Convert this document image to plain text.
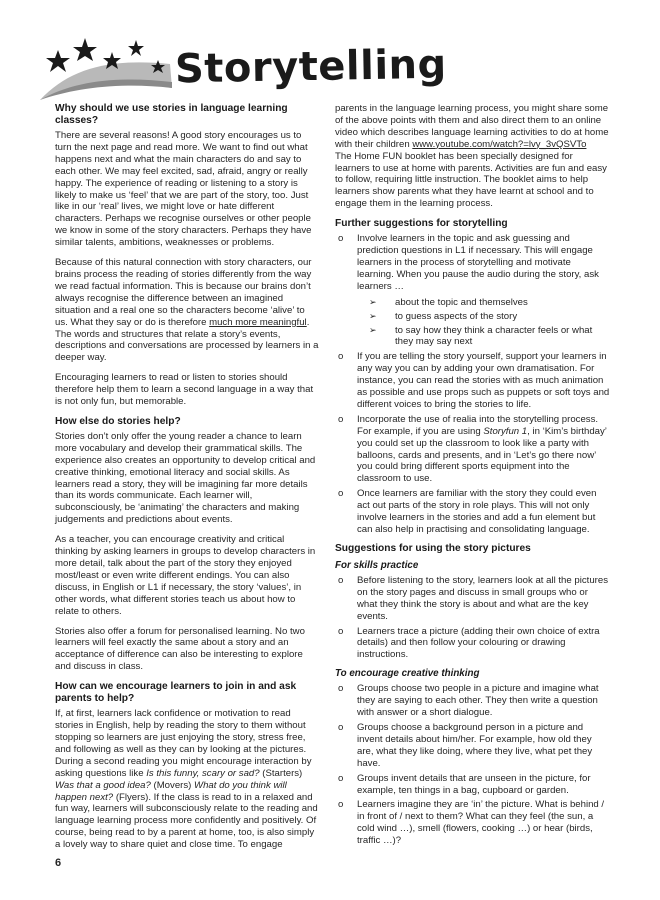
Storytelling
Why should we use stories in language learning classes?

There are several reasons! A good story encourages us to turn the next page and read more. We want to find out what happens next and what the main characters do and say to each other. We may feel excited, sad, afraid, angry or really happy. The experience of reading or listening to a story is likely to make us ‘feel’ that we are part of the story, too. Just like in our ‘real’ lives, we might love or hate different characters. Perhaps we recognise ourselves or other people we know in some of the story characters. Perhaps they have similar talents, ambitions, weaknesses or problems.

Because of this natural connection with story characters, our brains process the reading of stories differently from the way we read factual information. This is because our brains don’t always recognise the difference between an imagined situation and a real one so the characters become ‘alive’ to us. What they say or do is therefore much more meaningful. The words and structures that relate a story’s events, descriptions and conversations are processed by learners in a deeper way.

Encouraging learners to read or listen to stories should therefore help them to learn a second language in a way that is not only fun, but memorable.

How else do stories help?

Stories don’t only offer the young reader a chance to learn more vocabulary and develop their grammatical skills. The experience also creates an opportunity to develop critical and creative thinking, emotional literacy and social skills. As learners read a story, they will be imagining far more details than its words communicate. Each learner will, subconsciously, be ‘animating’ the characters and making judgements and predictions about events.

As a teacher, you can encourage creativity and critical thinking by asking learners in groups to develop characters in more detail, talk about the part of the story they enjoyed most/least or even write different endings. You can also discuss, in English or L1 if necessary, the story ‘values’, in other words, what different stories teach us about how to relate to others.

Stories also offer a forum for personalised learning. No two learners will feel exactly the same about a story and an acceptance of difference can also be interesting to explore and discuss in class.

How can we encourage learners to join in and ask parents to help?

If, at first, learners lack confidence or motivation to read stories in English, help by reading the story to them without stopping so learners are just enjoying the story, stress free, and following as well as they can by looking at the pictures. During a second reading you might encourage interaction by asking questions like Is this funny, scary or sad? (Starters) Was that a good idea? (Movers) What do you think will happen next? (Flyers). If the class is read to in a relaxed and fun way, learners will subconsciously relate to the reading and language learning process more confidently and positively. Of course, being read to by a parent at home, too, is also simply a lovely way to share quiet and close time. To engage

parents in the language learning process, you might share some of the above points with them and also direct them to an online video which describes language learning activities to do at home with their children www.youtube.com/watch?=lvy_3vQSVTo

The Home FUN booklet has been specially designed for learners to use at home with parents. Activities are fun and easy to follow, requiring little instruction. The booklet aims to help learners show parents what they have learnt at school and to engage them in the learning process.

Further suggestions for storytelling
o Involve learners in the topic and ask guessing and prediction questions in L1 if necessary. This will engage learners in the process of storytelling and motivate learning. When you pause the audio during the story, ask learners …
➢ about the topic and themselves
➢ to guess aspects of the story
➢ to say how they think a character feels or what they may say next
o If you are telling the story yourself, support your learners in any way you can by adding your own dramatisation. For instance, you can read the stories with as much animation as possible and use props such as puppets or soft toys and different voices to bring the stories to life.
o Incorporate the use of realia into the storytelling process. For example, if you are using Storyfun 1, in ‘Kim’s birthday’ you could set up the classroom to look like a party with balloons, cards and presents, and in ‘Let’s go there now’ you could bring different sports equipment into the classroom to use.
o Once learners are familiar with the story they could even act out parts of the story in role plays. This will not only involve learners in the stories and add a fun element but can also help in practising and consolidating language.
Suggestions for using the story pictures
For skills practice
o Before listening to the story, learners look at all the pictures on the story pages and discuss in small groups who or what they think the story is about and what are the key events.
o Learners trace a picture (adding their own choice of extra details) and then follow your colouring or drawing instructions.
To encourage creative thinking
o Groups choose two people in a picture and imagine what they are saying to each other. They then write a question with answer or a short dialogue.
o Groups choose a background person in a picture and invent details about him/her. For example, how old they are, what they like doing, where they live, what pet they have.
o Groups invent details that are unseen in the picture, for example, ten things in a bag, cupboard or garden.
o Learners imagine they are ‘in’ the picture. What is behind / in front of / next to them? What can they feel (the sun, a cold wind …), smell (flowers, cooking …) or hear (birds, traffic …)?
6
